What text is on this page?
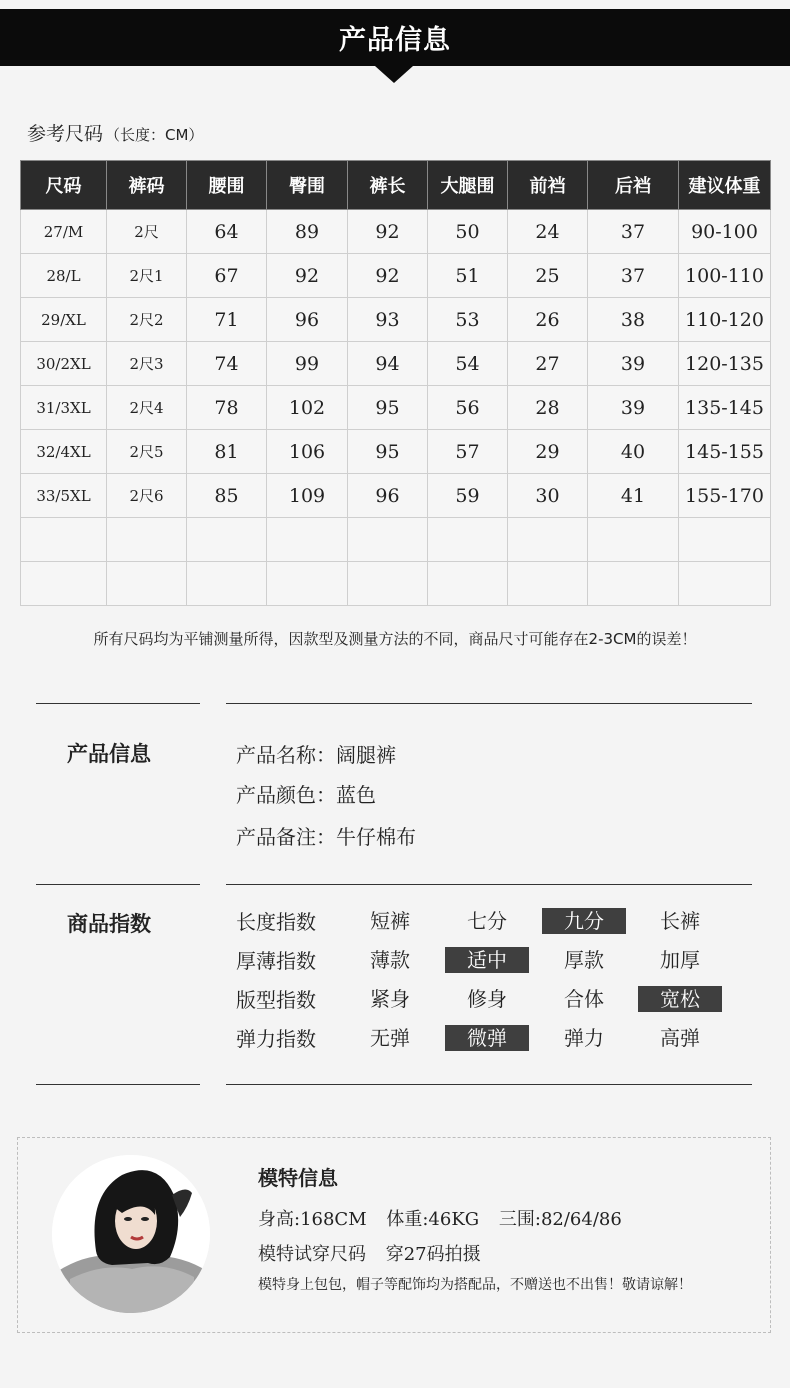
产品信息
参考尺码 （长度：CM）
尺码	裤码	腰围	臀围	裤长	大腿围	前裆	后裆	建议体重
27/M	2尺	64	89	92	50	24	37	90-100
28/L	2尺1	67	92	92	51	25	37	100-110
29/XL	2尺2	71	96	93	53	26	38	110-120
30/2XL	2尺3	74	99	94	54	27	39	120-135
31/3XL	2尺4	78	102	95	56	28	39	135-145
32/4XL	2尺5	81	106	95	57	29	40	145-155
33/5XL	2尺6	85	109	96	59	30	41	155-170

所有尺码均为平铺测量所得，因款型及测量方法的不同，商品尺寸可能存在2-3CM的误差！
产品信息	产品名称：阔腿裤
产品颜色：蓝色
产品备注：牛仔棉布
商品指数	长度指数	短裤	七分	九分	长裤
厚薄指数	薄款	适中	厚款	加厚
版型指数	紧身	修身	合体	宽松
弹力指数	无弹	微弹	弹力	高弹
模特信息
身高:168CM 体重:46KG 三围:82/64/86
模特试穿尺码 穿27码拍摄
模特身上包包，帽子等配饰均为搭配品，不赠送也不出售！敬请谅解！
